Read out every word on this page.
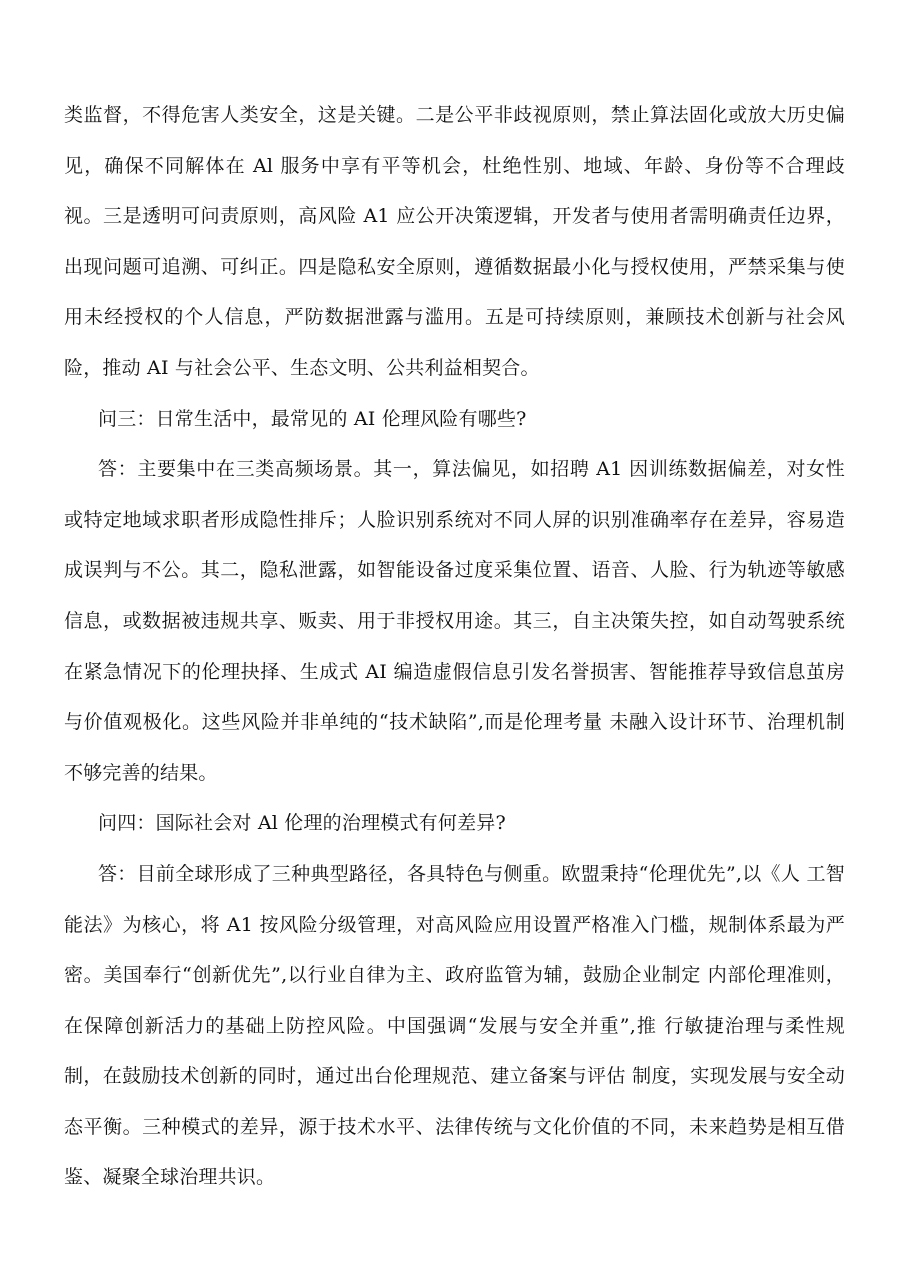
类监督，不得危害人类安全，这是关键。二是公平非歧视原则，禁止算法固化或放大历史偏见，确保不同解体在 Al 服务中享有平等机会，杜绝性别、地域、年龄、身份等不合理歧视。三是透明可问责原则，高风险 A1 应公开决策逻辑，开发者与使用者需明确责任边界，出现问题可追溯、可纠正。四是隐私安全原则，遵循数据最小化与授权使用，严禁采集与使用未经授权的个人信息，严防数据泄露与滥用。五是可持续原则，兼顾技术创新与社会风险，推动 AI 与社会公平、生态文明、公共利益相契合。

问三：日常生活中，最常见的 AI 伦理风险有哪些?

答：主要集中在三类高频场景。其一，算法偏见，如招聘 A1 因训练数据偏差，对女性或特定地域求职者形成隐性排斥；人脸识别系统对不同人屏的识别准确率存在差异，容易造成误判与不公。其二，隐私泄露，如智能设备过度采集位置、语音、人脸、行为轨迹等敏感信息，或数据被违规共享、贩卖、用于非授权用途。其三，自主决策失控，如自动驾驶系统在紧急情况下的伦理抉择、生成式 AI 编造虚假信息引发名誉损害、智能推荐导致信息茧房与价值观极化。这些风险并非单纯的“技术缺陷”,而是伦理考量 未融入设计环节、治理机制不够完善的结果。

问四：国际社会对 Al 伦理的治理模式有何差异?

答：目前全球形成了三种典型路径，各具特色与侧重。欧盟秉持“伦理优先”,以《人 工智能法》为核心，将 A1 按风险分级管理，对高风险应用设置严格准入门槛，规制体系最为严密。美国奉行“创新优先”,以行业自律为主、政府监管为辅，鼓励企业制定 内部伦理准则，在保障创新活力的基础上防控风险。中国强调“发展与安全并重”,推 行敏捷治理与柔性规制，在鼓励技术创新的同时，通过出台伦理规范、建立备案与评估 制度，实现发展与安全动态平衡。三种模式的差异，源于技术水平、法律传统与文化价值的不同，未来趋势是相互借鉴、凝聚全球治理共识。
